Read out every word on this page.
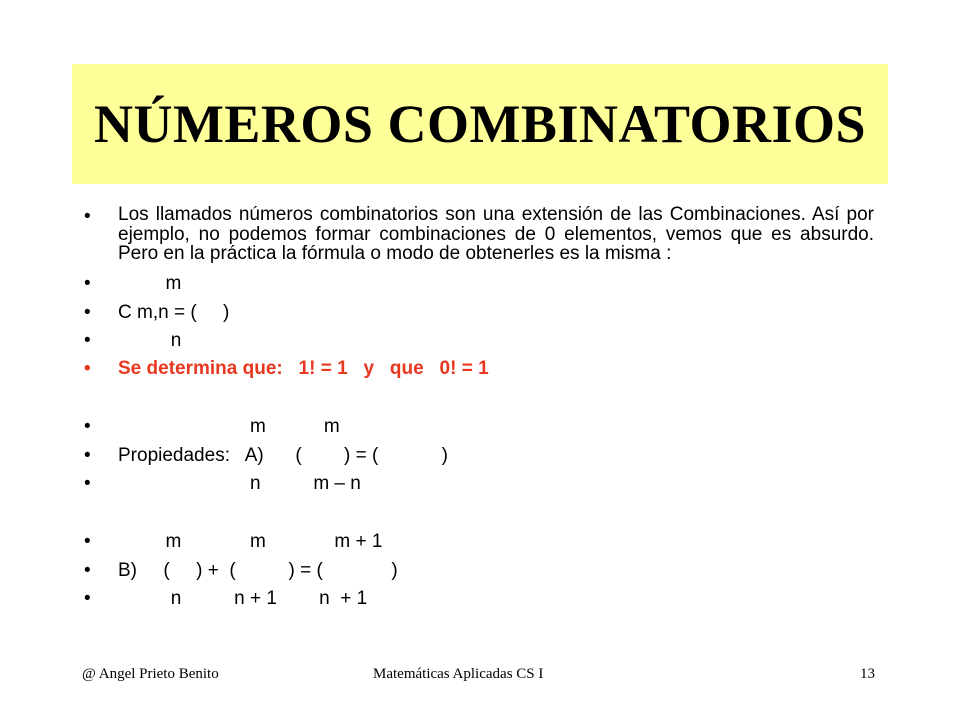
NÚMEROS COMBINATORIOS
• Los llamados números combinatorios son una extensión de las Combinaciones. Así por ejemplo, no podemos formar combinaciones de 0 elementos, vemos que es absurdo. Pero en la práctica la fórmula o modo de obtenerles es la misma :
• m
• C m,n = (     )
• n
• Se determina que:   1! = 1   y   que   0! = 1
• m           m
• Propiedades:   A)      (        ) = (            )
• n          m – n
• m             m             m + 1
• B)     (     ) +  (          ) = (             )
• n          n + 1        n  + 1
@ Angel Prieto Benito	Matemáticas Aplicadas CS I	13
